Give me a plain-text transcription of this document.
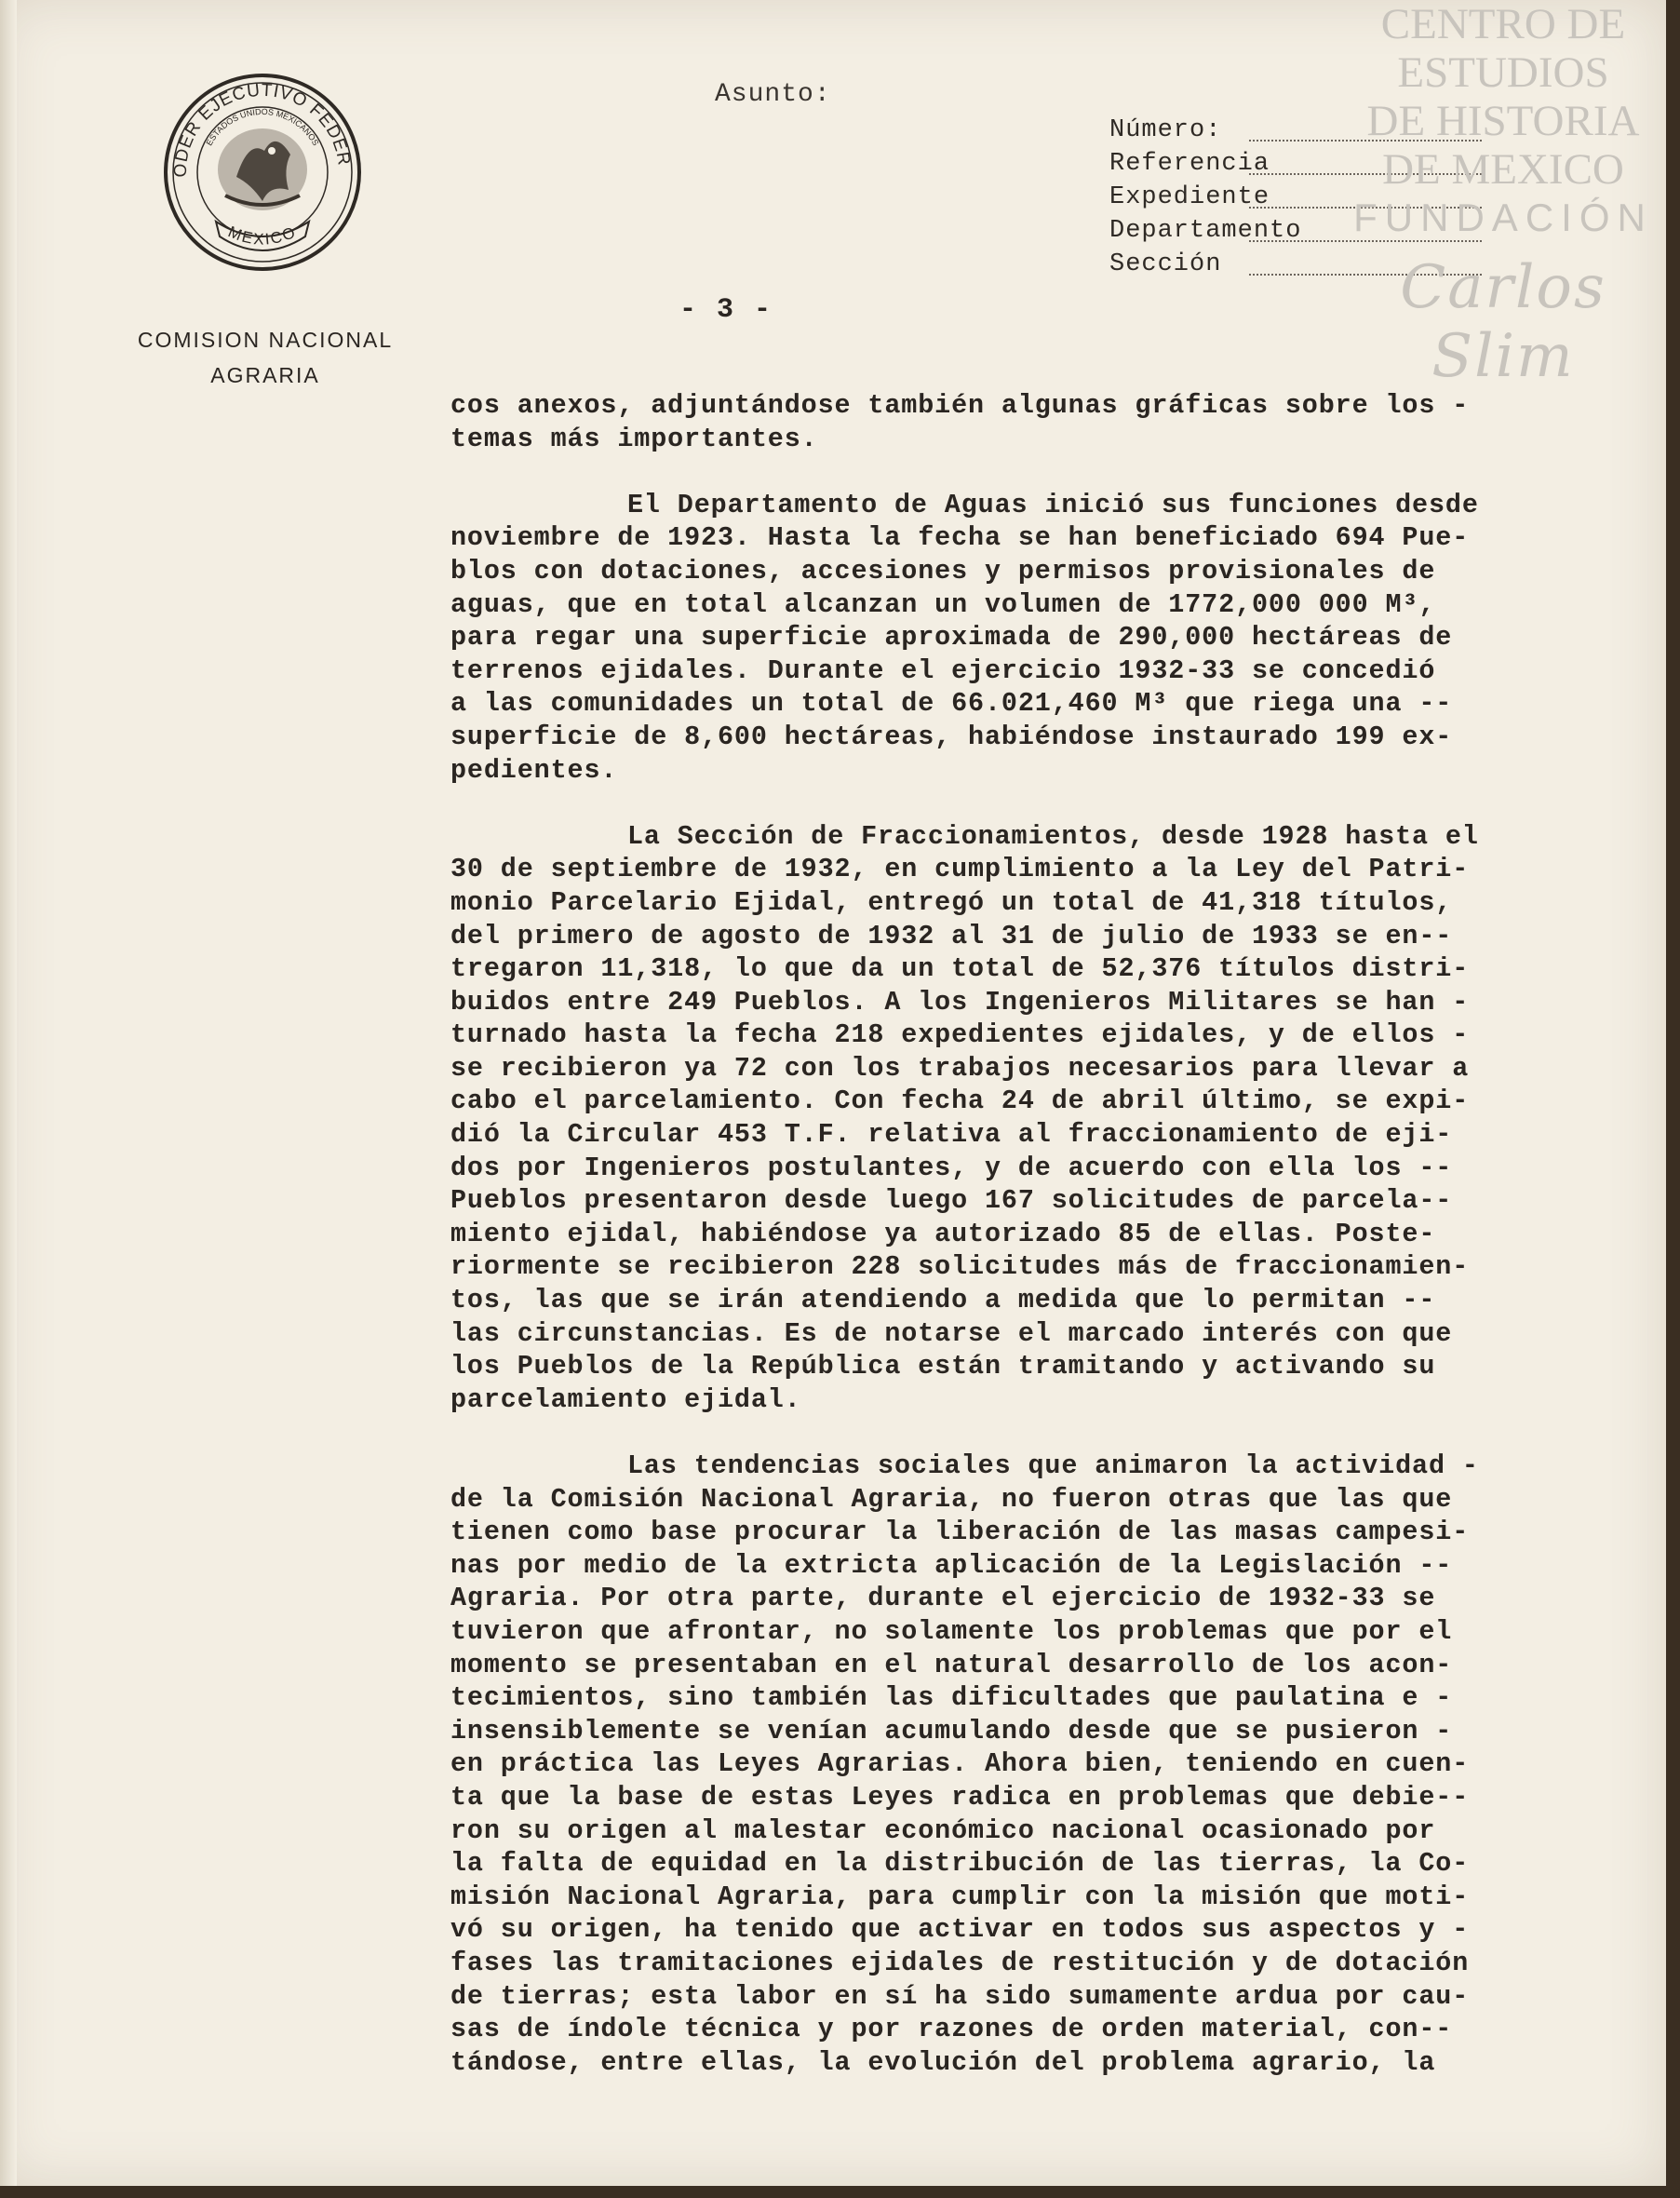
ODER EJECUTIVO FEDER
ESTADOS UNIDOS MEXICANOS
MEXICO
COMISION NACIONAL
AGRARIA
Asunto:
Número:
Referencia
Expediente
Departamento
Sección
- 3 -
CENTRO DE
ESTUDIOS
DE HISTORIA
DE MEXICO
FUNDACIÓN
Carlos Slim
cos anexos, adjuntándose también algunas gráficas sobre los -
temas más importantes.
El Departamento de Aguas inició sus funciones desde
noviembre de 1923. Hasta la fecha se han beneficiado 694 Pue-
blos con dotaciones, accesiones y permisos provisionales de
aguas, que en total alcanzan un volumen de 1772,000 000 M³,
para regar una superficie aproximada de 290,000 hectáreas de
terrenos ejidales. Durante el ejercicio 1932-33 se concedió
a las comunidades un total de 66.021,460 M³ que riega una --
superficie de 8,600 hectáreas, habiéndose instaurado 199 ex-
pedientes.
La Sección de Fraccionamientos, desde 1928 hasta el
30 de septiembre de 1932, en cumplimiento a la Ley del Patri-
monio Parcelario Ejidal, entregó un total de 41,318 títulos,
del primero de agosto de 1932 al 31 de julio de 1933 se en--
tregaron 11,318, lo que da un total de 52,376 títulos distri-
buidos entre 249 Pueblos. A los Ingenieros Militares se han -
turnado hasta la fecha 218 expedientes ejidales, y de ellos -
se recibieron ya 72 con los trabajos necesarios para llevar a
cabo el parcelamiento. Con fecha 24 de abril último, se expi-
dió la Circular 453 T.F. relativa al fraccionamiento de eji-
dos por Ingenieros postulantes, y de acuerdo con ella los --
Pueblos presentaron desde luego 167 solicitudes de parcela--
miento ejidal, habiéndose ya autorizado 85 de ellas. Poste-
riormente se recibieron 228 solicitudes más de fraccionamien-
tos, las que se irán atendiendo a medida que lo permitan --
las circunstancias. Es de notarse el marcado interés con que
los Pueblos de la República están tramitando y activando su
parcelamiento ejidal.
Las tendencias sociales que animaron la actividad -
de la Comisión Nacional Agraria, no fueron otras que las que
tienen como base procurar la liberación de las masas campesi-
nas por medio de la extricta aplicación de la Legislación --
Agraria. Por otra parte, durante el ejercicio de 1932-33 se
tuvieron que afrontar, no solamente los problemas que por el
momento se presentaban en el natural desarrollo de los acon-
tecimientos, sino también las dificultades que paulatina e -
insensiblemente se venían acumulando desde que se pusieron -
en práctica las Leyes Agrarias. Ahora bien, teniendo en cuen-
ta que la base de estas Leyes radica en problemas que debie--
ron su origen al malestar económico nacional ocasionado por
la falta de equidad en la distribución de las tierras, la Co-
misión Nacional Agraria, para cumplir con la misión que moti-
vó su origen, ha tenido que activar en todos sus aspectos y -
fases las tramitaciones ejidales de restitución y de dotación
de tierras; esta labor en sí ha sido sumamente ardua por cau-
sas de índole técnica y por razones de orden material, con--
tándose, entre ellas, la evolución del problema agrario, la
